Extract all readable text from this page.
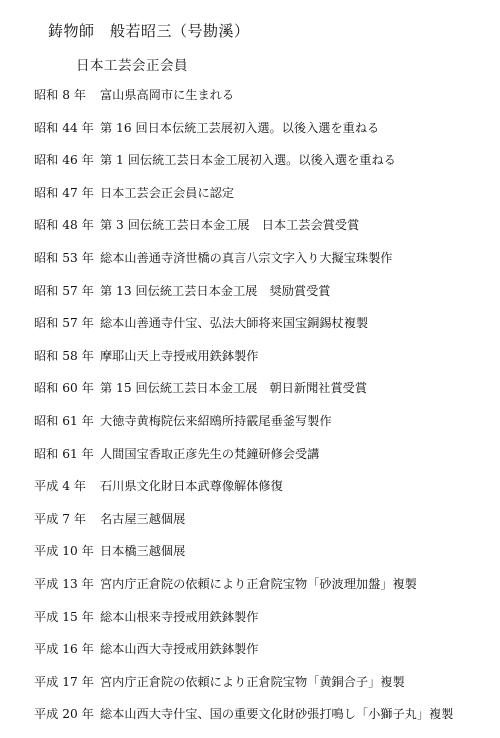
鋳物師　般若昭三（号勘溪）
日本工芸会正会員
昭和 8 年	富山県高岡市に生まれる
昭和 44 年 第 16 回日本伝統工芸展初入選。以後入選を重ねる
昭和 46 年 第 1 回伝統工芸日本金工展初入選。以後入選を重ねる
昭和 47 年 日本工芸会正会員に認定
昭和 48 年 第 3 回伝統工芸日本金工展　日本工芸会賞受賞
昭和 53 年 総本山善通寺済世橋の真言八宗文字入り大擬宝珠製作
昭和 57 年 第 13 回伝統工芸日本金工展　奨励賞受賞
昭和 57 年 総本山善通寺什宝、弘法大師将来国宝銅錫杖複製
昭和 58 年 摩耶山天上寺授戒用鉄鉢製作
昭和 60 年 第 15 回伝統工芸日本金工展　朝日新聞社賞受賞
昭和 61 年 大徳寺黄梅院伝来紹鴎所持霰尾垂釜写製作
昭和 61 年 人間国宝香取正彦先生の梵鐘研修会受講
平成 4 年	石川県文化財日本武尊像解体修復
平成 7 年	名古屋三越個展
平成 10 年 日本橋三越個展
平成 13 年 宮内庁正倉院の依頼により正倉院宝物「砂波理加盤」複製
平成 15 年 総本山根来寺授戒用鉄鉢製作
平成 16 年 総本山西大寺授戒用鉄鉢製作
平成 17 年 宮内庁正倉院の依頼により正倉院宝物「黄銅合子」複製
平成 20 年 総本山西大寺什宝、国の重要文化財砂張打鳴し「小獅子丸」複製
